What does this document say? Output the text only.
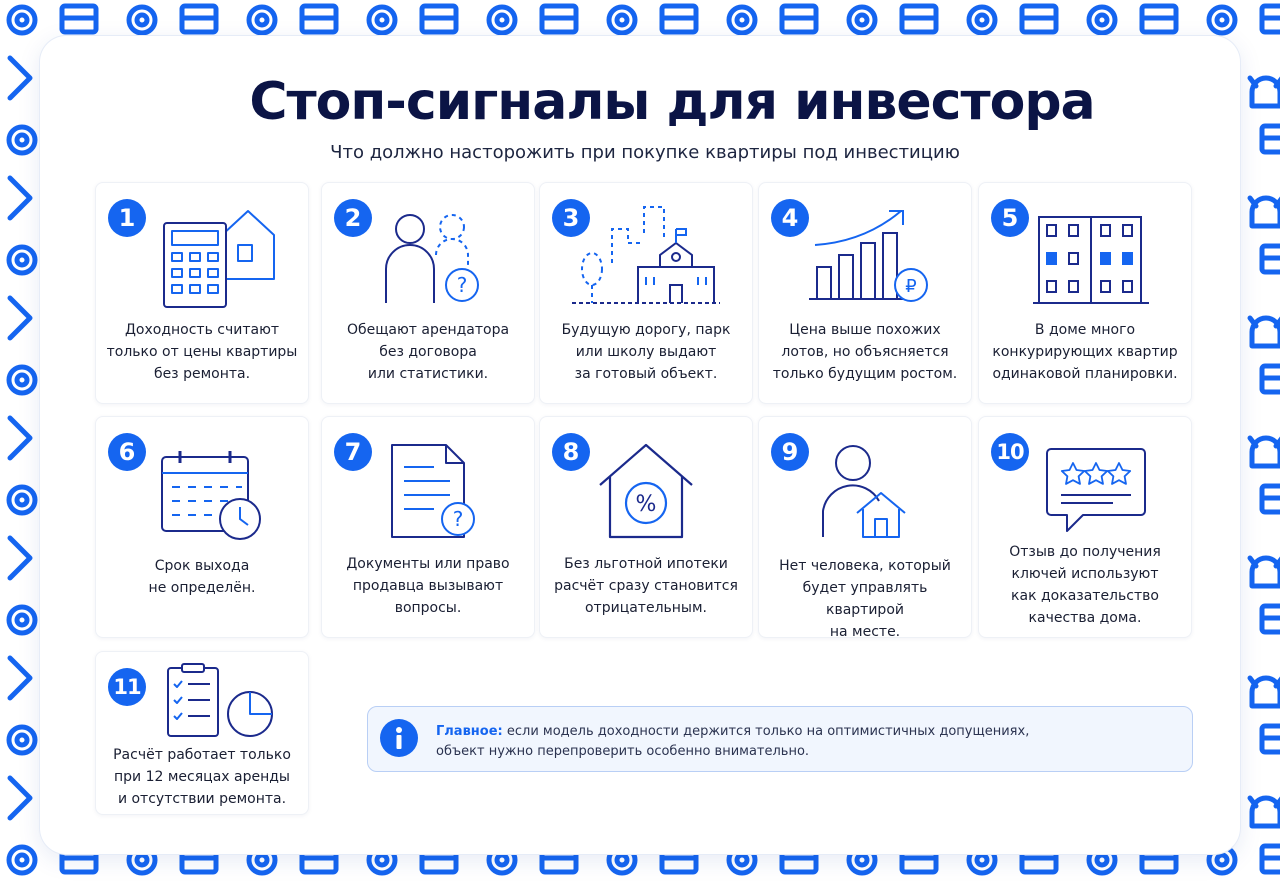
Стоп-сигналы для инвестора

Что должно насторожить при покупке квартиры под инвестицию

1
Доходность считают
только от цены квартиры
без ремонта.
2
?
Обещают арендатора
без договора
или статистики.
3
Будущую дорогу, парк
или школу выдают
за готовый объект.
4
₽
Цена выше похожих
лотов, но объясняется
только будущим ростом.
5
В доме много
конкурирующих квартир
одинаковой планировки.
6
Срок выхода
не определён.
7
?
Документы или право
продавца вызывают
вопросы.
8
%
Без льготной ипотеки
расчёт сразу становится
отрицательным.
9
Нет человека, который
будет управлять квартирой
на месте.
10
Отзыв до получения
ключей используют
как доказательство
качества дома.
11
Расчёт работает только
при 12 месяцах аренды
и отсутствии ремонта.
Главное: если модель доходности держится только на оптимистичных допущениях,
объект нужно перепроверить особенно внимательно.
